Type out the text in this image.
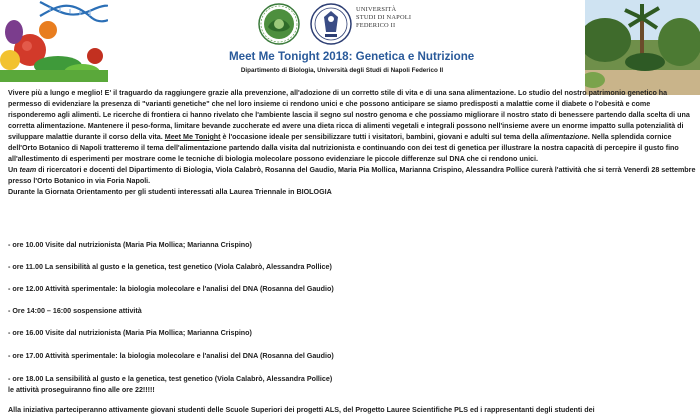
UNIVERSITÀ
STUDI DI NAPOLI
FEDERICO II
Meet Me Tonight 2018: Genetica e Nutrizione
Dipartimento di Biologia, Università degli Studi di Napoli Federico II

Vivere più a lungo e meglio! E' il traguardo da raggiungere grazie alla prevenzione, all'adozione di un corretto stile di vita e di una sana alimentazione. Lo studio del nostro patrimonio genetico ha permesso di evidenziare la presenza di "varianti genetiche" che nel loro insieme ci rendono unici e che possono anticipare se siamo predisposti a malattie come il diabete o l'obesità e come risponderemo agli alimenti. Le ricerche di frontiera ci hanno rivelato che l'ambiente lascia il segno sul nostro genoma e che possiamo migliorare il nostro stato di benessere partendo dalla scelta di una corretta alimentazione. Mantenere il peso-forma, limitare bevande zuccherate ed avere una dieta ricca di alimenti vegetali e integrali possono nell'insieme avere un enorme impatto sulla potenzialità di sviluppare malattie durante il corso della vita. Meet Me Tonight è l'occasione ideale per sensibilizzare tutti i visitatori, bambini, giovani e adulti sul tema della alimentazione. Nella splendida cornice dell'Orto Botanico di Napoli tratteremo il tema dell'alimentazione partendo dalla visita dal nutrizionista e continuando con dei test di genetica per illustrare la nostra capacità di percepire il gusto fino all'allestimento di esperimenti per mostrare come le tecniche di biologia molecolare possono evidenziare le piccole differenze sul DNA che ci rendono unici.

Un team di ricercatori e docenti del Dipartimento di Biologia, Viola Calabrò, Rosanna del Gaudio, Maria Pia Mollica, Marianna Crispino, Alessandra Pollice curerà l'attività che si terrà Venerdì 28 settembre presso l'Orto Botanico in via Foria Napoli.

Durante la Giornata Orientamento per gli studenti interessati alla Laurea Triennale in BIOLOGIA

- ore 10.00 Visite dal nutrizionista (Maria Pia Mollica; Marianna Crispino)
- ore 11.00 La sensibilità al gusto e la genetica, test genetico (Viola Calabrò, Alessandra Pollice)
- ore 12.00 Attività sperimentale: la biologia molecolare e l'analisi del DNA (Rosanna del Gaudio)
- Ore 14:00 – 16:00 sospensione attività
- ore 16.00 Visite dal nutrizionista (Maria Pia Mollica; Marianna Crispino)
- ore 17.00 Attività sperimentale: la biologia molecolare e l'analisi del DNA (Rosanna del Gaudio)
- ore 18.00 La sensibilità al gusto e la genetica, test genetico (Viola Calabrò, Alessandra Pollice)
le attività proseguiranno fino alle ore 22!!!!!
Alla iniziativa parteciperanno attivamente giovani studenti delle Scuole Superiori dei progetti ALS, del Progetto Lauree Scientifiche PLS ed i rappresentanti degli studenti dei
